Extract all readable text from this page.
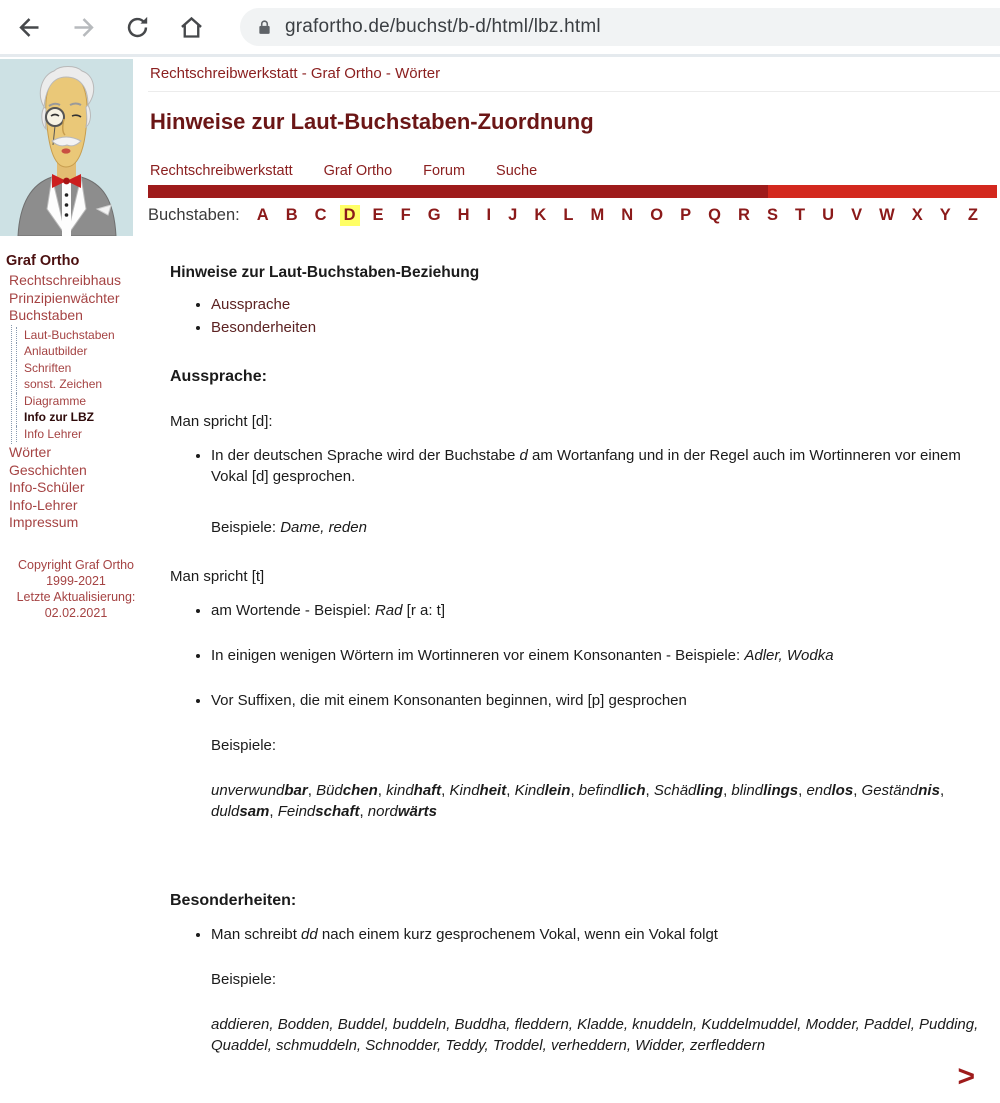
grafortho.de/buchst/b-d/html/lbz.html
Rechtschreibwerkstatt - Graf Ortho - Wörter
Hinweise zur Laut-Buchstaben-Zuordnung
Rechtschreibwerkstatt Graf Ortho Forum Suche
Buchstaben: A B C D E F G H I J K L M N O P Q R S T U V W X Y Z
Graf Ortho
Rechtschreibhaus
Prinzipienwächter
Buchstaben
Laut-Buchstaben
Anlautbilder
Schriften
sonst. Zeichen
Diagramme
Info zur LBZ
Info Lehrer
Wörter
Geschichten
Info-Schüler
Info-Lehrer
Impressum
Copyright Graf Ortho
1999-2021
Letzte Aktualisierung:
02.02.2021
Hinweise zur Laut-Buchstaben-Beziehung
• Aussprache
• Besonderheiten
Aussprache:

Man spricht [d]:

• In der deutschen Sprache wird der Buchstabe d am Wortanfang und in der Regel auch im Wortinneren vor einem Vokal [d] gesprochen.

Beispiele: Dame, reden

Man spricht [t]

• am Wortende - Beispiel: Rad [r a: t]
• In einigen wenigen Wörtern im Wortinneren vor einem Konsonanten - Beispiele: Adler, Wodka
• Vor Suffixen, die mit einem Konsonanten beginnen, wird [p] gesprochen

Beispiele:

unverwundbar, Büdchen, kindhaft, Kindheit, Kindlein, befindlich, Schädling, blindlings, endlos, Geständnis, duldsam, Feindschaft, nordwärts

Besonderheiten:
• Man schreibt dd nach einem kurz gesprochenem Vokal, wenn ein Vokal folgt

Beispiele:

addieren, Bodden, Buddel, buddeln, Buddha, fleddern, Kladde, knuddeln, Kuddelmuddel, Modder, Paddel, Pudding, Quaddel, schmuddeln, Schnodder, Teddy, Troddel, verheddern, Widder, zerfleddern

>
